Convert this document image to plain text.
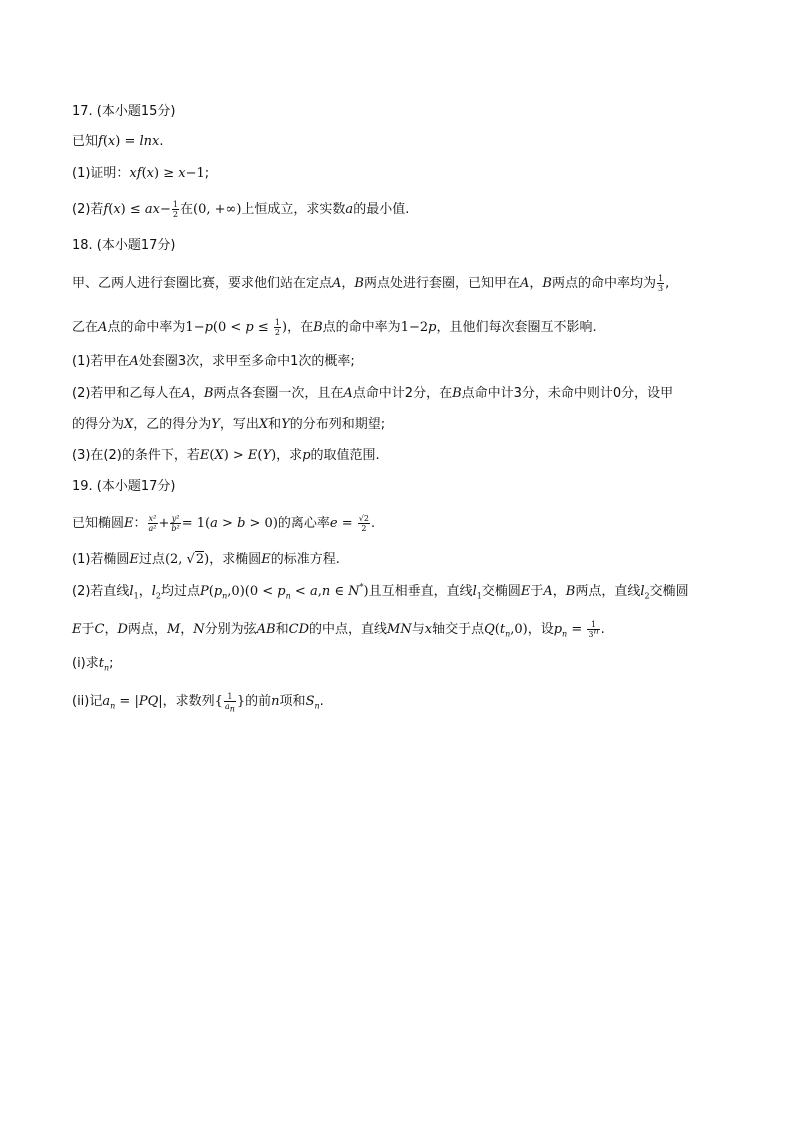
17. (本小题15分)
已知f(x) = lnx.
(1)证明：xf(x) ≥ x−1;
(2)若$f(x) \le ax- \frac{1}{2}$ 在(0, +∞)上恒成立，求实数a的最小值.
18. (本小题17分)
甲、乙两人进行套圈比赛，要求他们站在定点A，B两点处进行套圈，已知甲在A，B两点的命中率均为 $\frac{1}{3}$ ,
乙在A点的命中率为$1-p(0 < p \le \frac{1}{2}$ )，在B点的命中率为1−2p，且他们每次套圈互不影响.
(1)若甲在A处套圈3次，求甲至多命中1次的概率;
(2)若甲和乙每人在A，B两点各套圈一次，且在A点命中计2分，在B点命中计3分，未命中则计0分，设甲
的得分为X，乙的得分为Y，写出X和Y的分布列和期望;
(3)在(2)的条件下，若E(X) > E(Y)，求p的取值范围.
19. (本小题17分)
已知椭圆E： $\frac{\text{x²}}{\text{a²}} + \frac{\text{y²}}{\text{b²}} = 1(a > b > 0)$的离心率$e = \frac{√2}{2}$ .
(1)若椭圆E过点(2, √2)，求椭圆E的标准方程.
(2)若直线$l_1$，$l_2$均过点$P(p_n,0)(0 < p_n < a,n$ ∈ N*)且互相垂直，直线$l_1$交椭圆E于A，B两点，直线$l_2$交椭圆
E于C，D两点，M，N分别为弦AB和CD的中点，直线MN与x轴交于点$Q(t_n,0)$，设$p_n = \frac{1}{3^n}$ .
(i)求$t_n$;
(ii)记$a_n = |PQ|$，求数列{ $\frac{1}{a_n}$ }的前n项和$S_n$.
